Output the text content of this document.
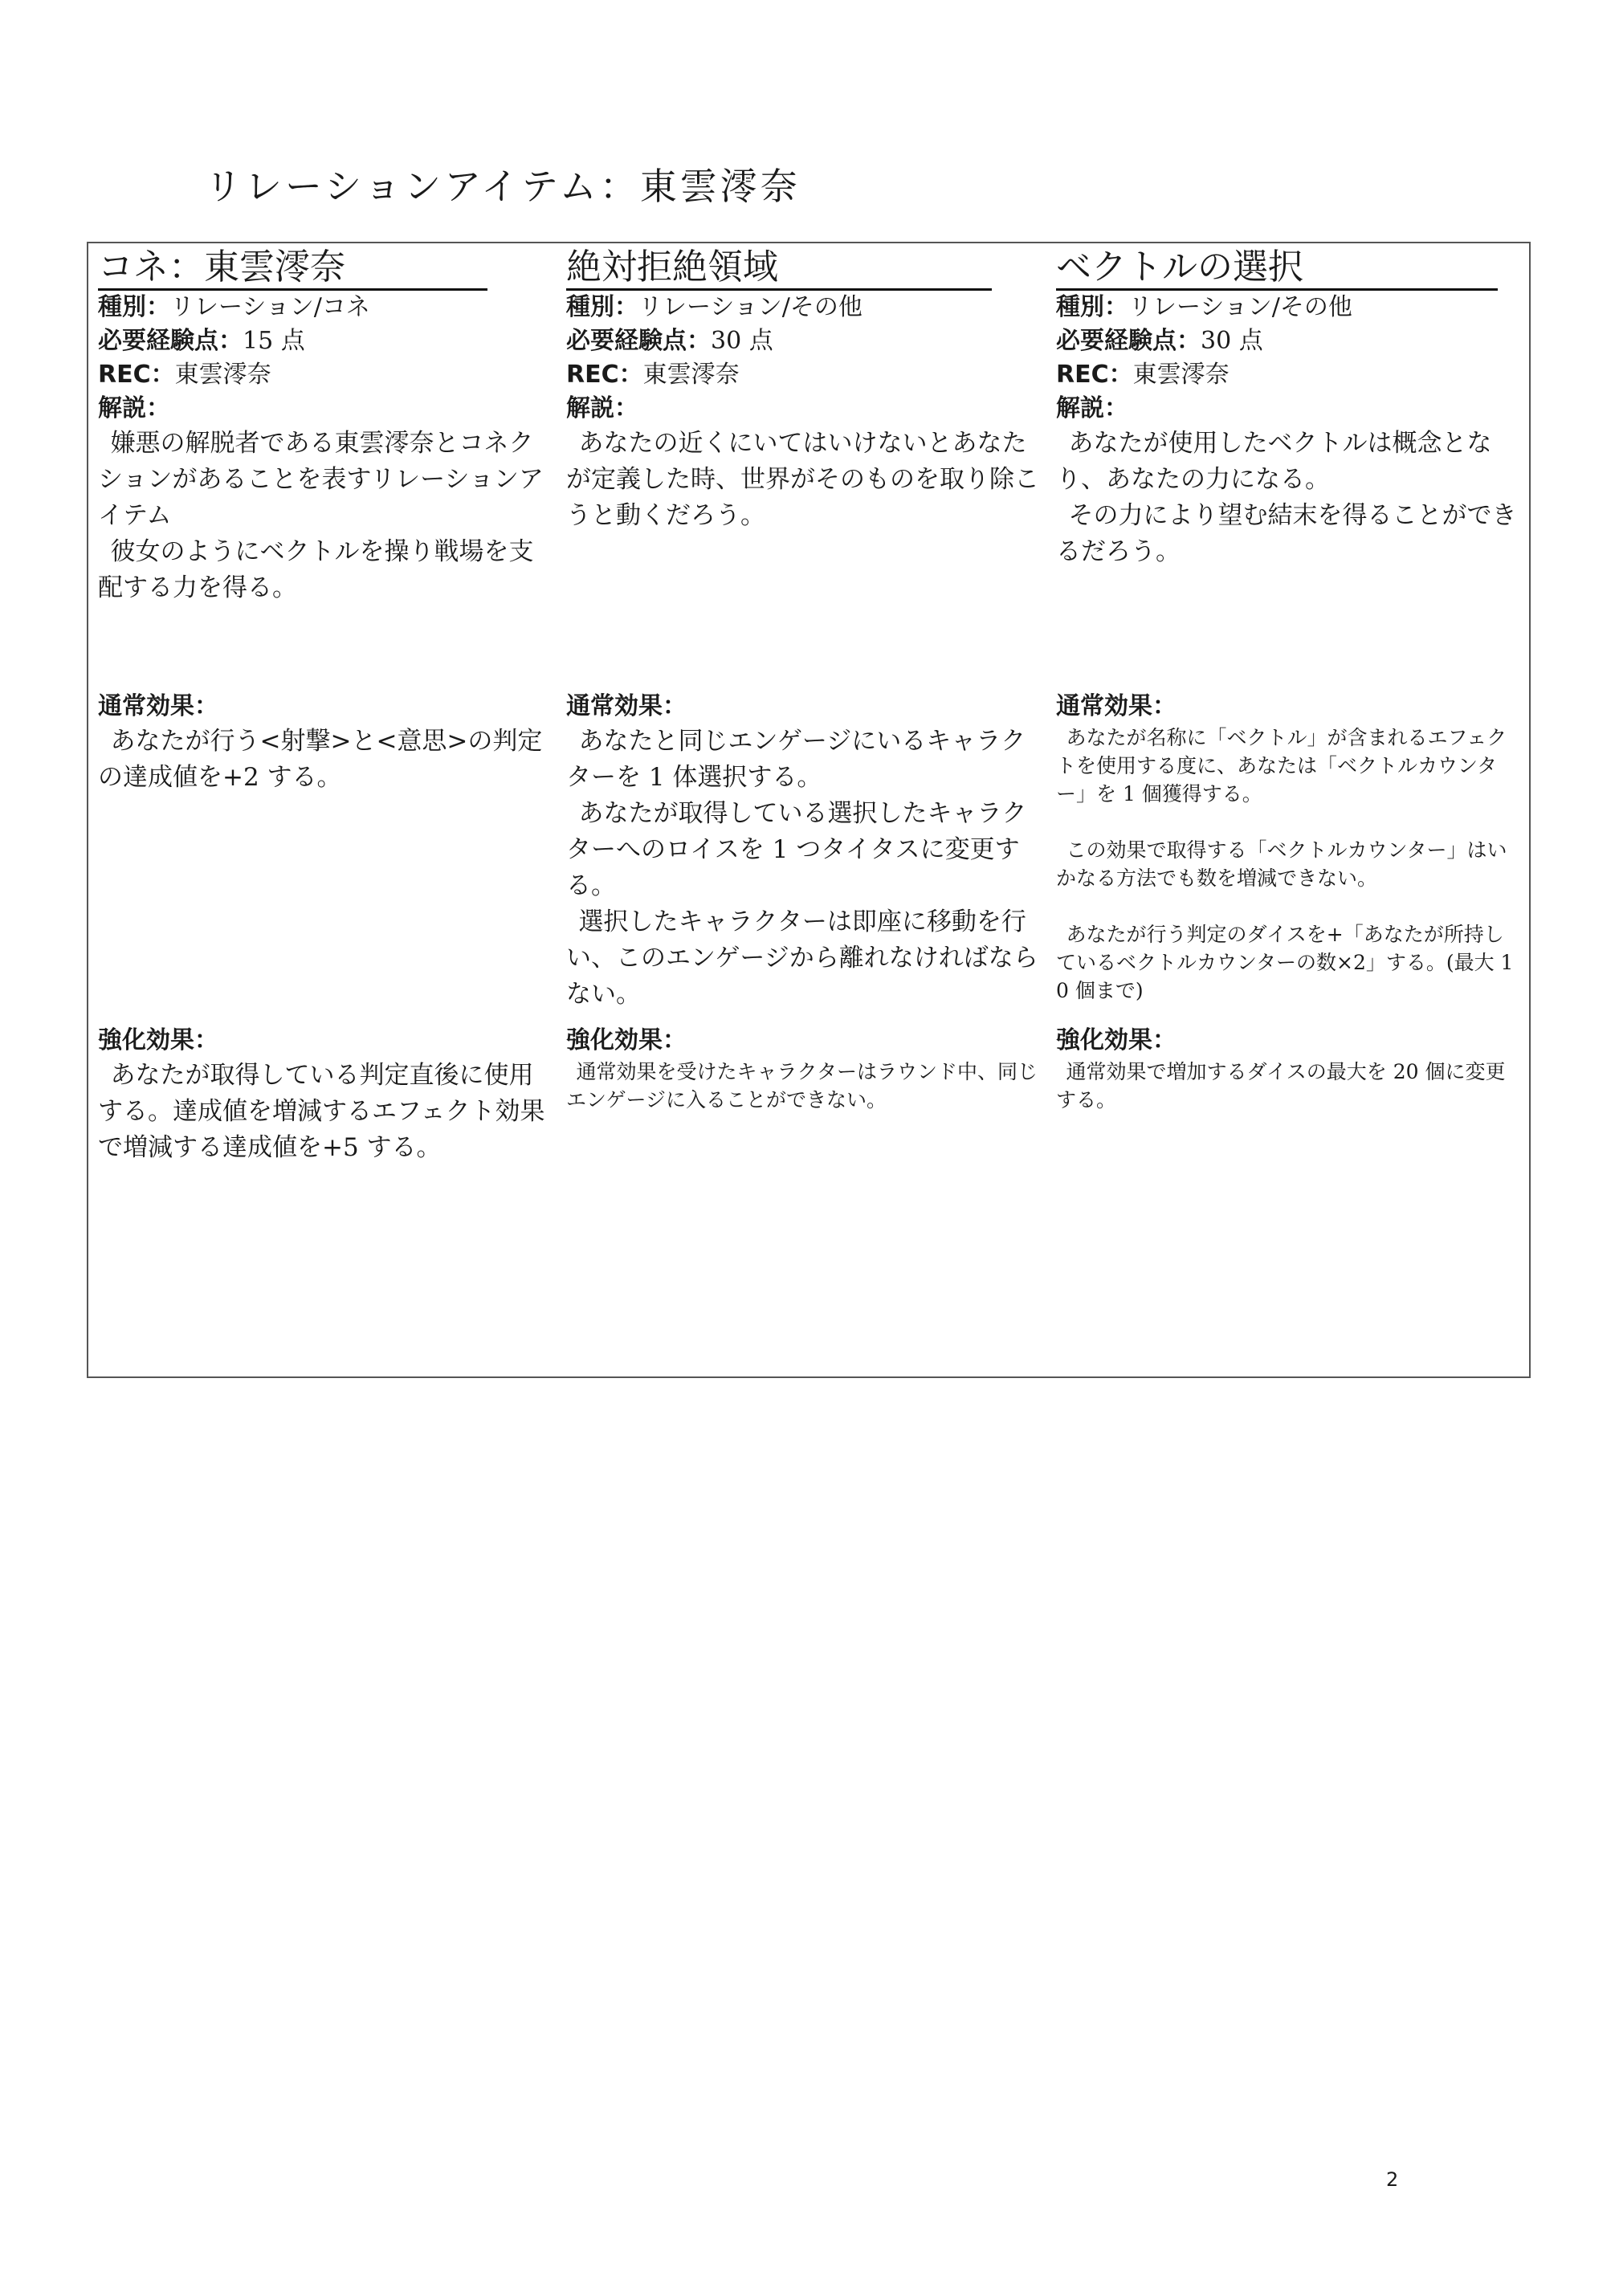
リレーションアイテム：東雲澪奈
コネ：東雲澪奈
種別：リレーション/コネ
必要経験点：15 点
REC：東雲澪奈
解説：

嫌悪の解脱者である東雲澪奈とコネクションがあることを表すリレーションアイテム

彼女のようにベクトルを操り戦場を支配する力を得る。

通常効果：

あなたが行う<射撃>と<意思>の判定の達成値を+2 する。

強化効果：

あなたが取得している判定直後に使用する。達成値を増減するエフェクト効果で増減する達成値を+5 する。

絶対拒絶領域
種別：リレーション/その他
必要経験点：30 点
REC：東雲澪奈
解説：

あなたの近くにいてはいけないとあなたが定義した時、世界がそのものを取り除こうと動くだろう。

通常効果：

あなたと同じエンゲージにいるキャラクターを 1 体選択する。

あなたが取得している選択したキャラクターへのロイスを 1 つタイタスに変更する。

選択したキャラクターは即座に移動を行い、このエンゲージから離れなければならない。

強化効果：

通常効果を受けたキャラクターはラウンド中、同じエンゲージに入ることができない。

ベクトルの選択
種別：リレーション/その他
必要経験点：30 点
REC：東雲澪奈
解説：

あなたが使用したベクトルは概念となり、あなたの力になる。

その力により望む結末を得ることができるだろう。

通常効果：

あなたが名称に「ベクトル」が含まれるエフェクトを使用する度に、あなたは「ベクトルカウンター」を 1 個獲得する。

この効果で取得する「ベクトルカウンター」はいかなる方法でも数を増減できない。

あなたが行う判定のダイスを+「あなたが所持しているベクトルカウンターの数×2」する。(最大 10 個まで)

強化効果：

通常効果で増加するダイスの最大を 20 個に変更する。

2
